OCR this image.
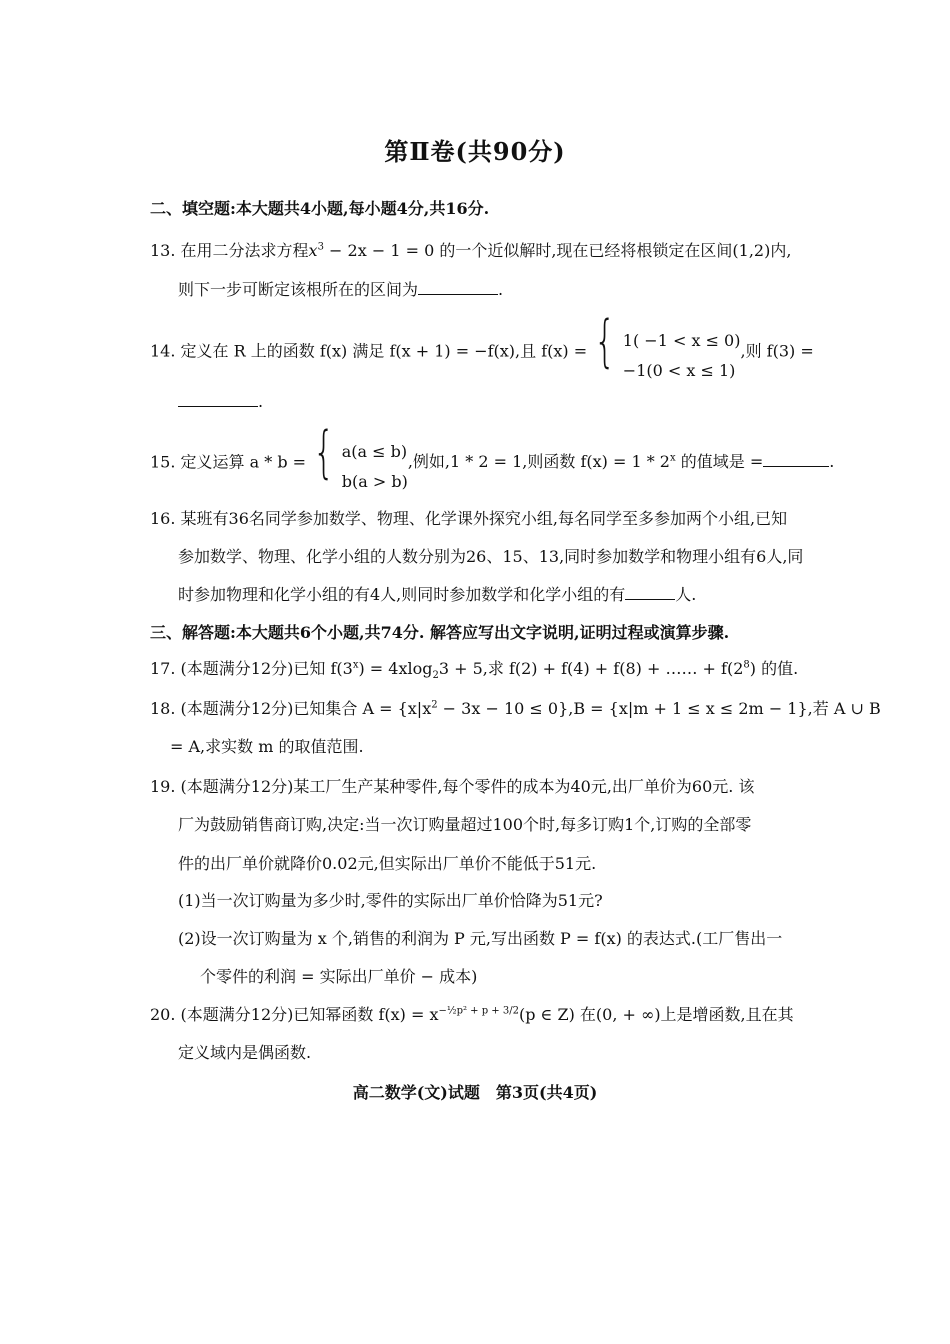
第Ⅱ卷(共90分)
二、填空题:本大题共4小题,每小题4分,共16分.
13. 在用二分法求方程$x^3 - 2x - 1 = 0$ 的一个近似解时,现在已经将根锁定在区间(1,2)内,
则下一步可断定该根所在的区间为	.
14. 定义在 R 上的函数 f(x) 满足 f(x + 1) = −f(x),且 f(x) = { 1( −1 < x ≤ 0)
−1(0 < x ≤ 1),则 f(3) =
.
15. 定义运算 a * b = { a(a ≤ b)
b(a > b),例如,1 * 2 = 1,则函数 f(x) = 1 * 2$^x$ 的值域是 =	.
16. 某班有36名同学参加数学、物理、化学课外探究小组,每名同学至多参加两个小组,已知
参加数学、物理、化学小组的人数分别为26、15、13,同时参加数学和物理小组有6人,同
时参加物理和化学小组的有4人,则同时参加数学和化学小组的有	人.
三、解答题:本大题共6个小题,共74分. 解答应写出文字说明,证明过程或演算步骤.
17. (本题满分12分)已知 $f(3^x) = 4xlog_23 + 5$,求 f(2) + f(4) + f(8) + …… + $f(2^8)$ 的值.
18. (本题满分12分)已知集合 $A = \{x|x^2 - 3x - 10 \le 0\},B = \{x|m + 1 \le x \le 2m - 1\}$,若 A ∪ B
= A,求实数 m 的取值范围.
19. (本题满分12分)某工厂生产某种零件,每个零件的成本为40元,出厂单价为60元. 该
厂为鼓励销售商订购,决定:当一次订购量超过100个时,每多订购1个,订购的全部零
件的出厂单价就降价0.02元,但实际出厂单价不能低于51元.
(1)当一次订购量为多少时,零件的实际出厂单价恰降为51元?
(2)设一次订购量为 x 个,销售的利润为 P 元,写出函数 P = f(x) 的表达式.(工厂售出一
个零件的利润 = 实际出厂单价 − 成本)
20. (本题满分12分)已知幂函数 $f(x) = x^{-\frac{1}{2}p^2 + p + 3/2}(p$ ∈ Z) 在(0, + ∞)上是增函数,且在其
定义域内是偶函数.
高二数学(文)试题　第3页(共4页)
